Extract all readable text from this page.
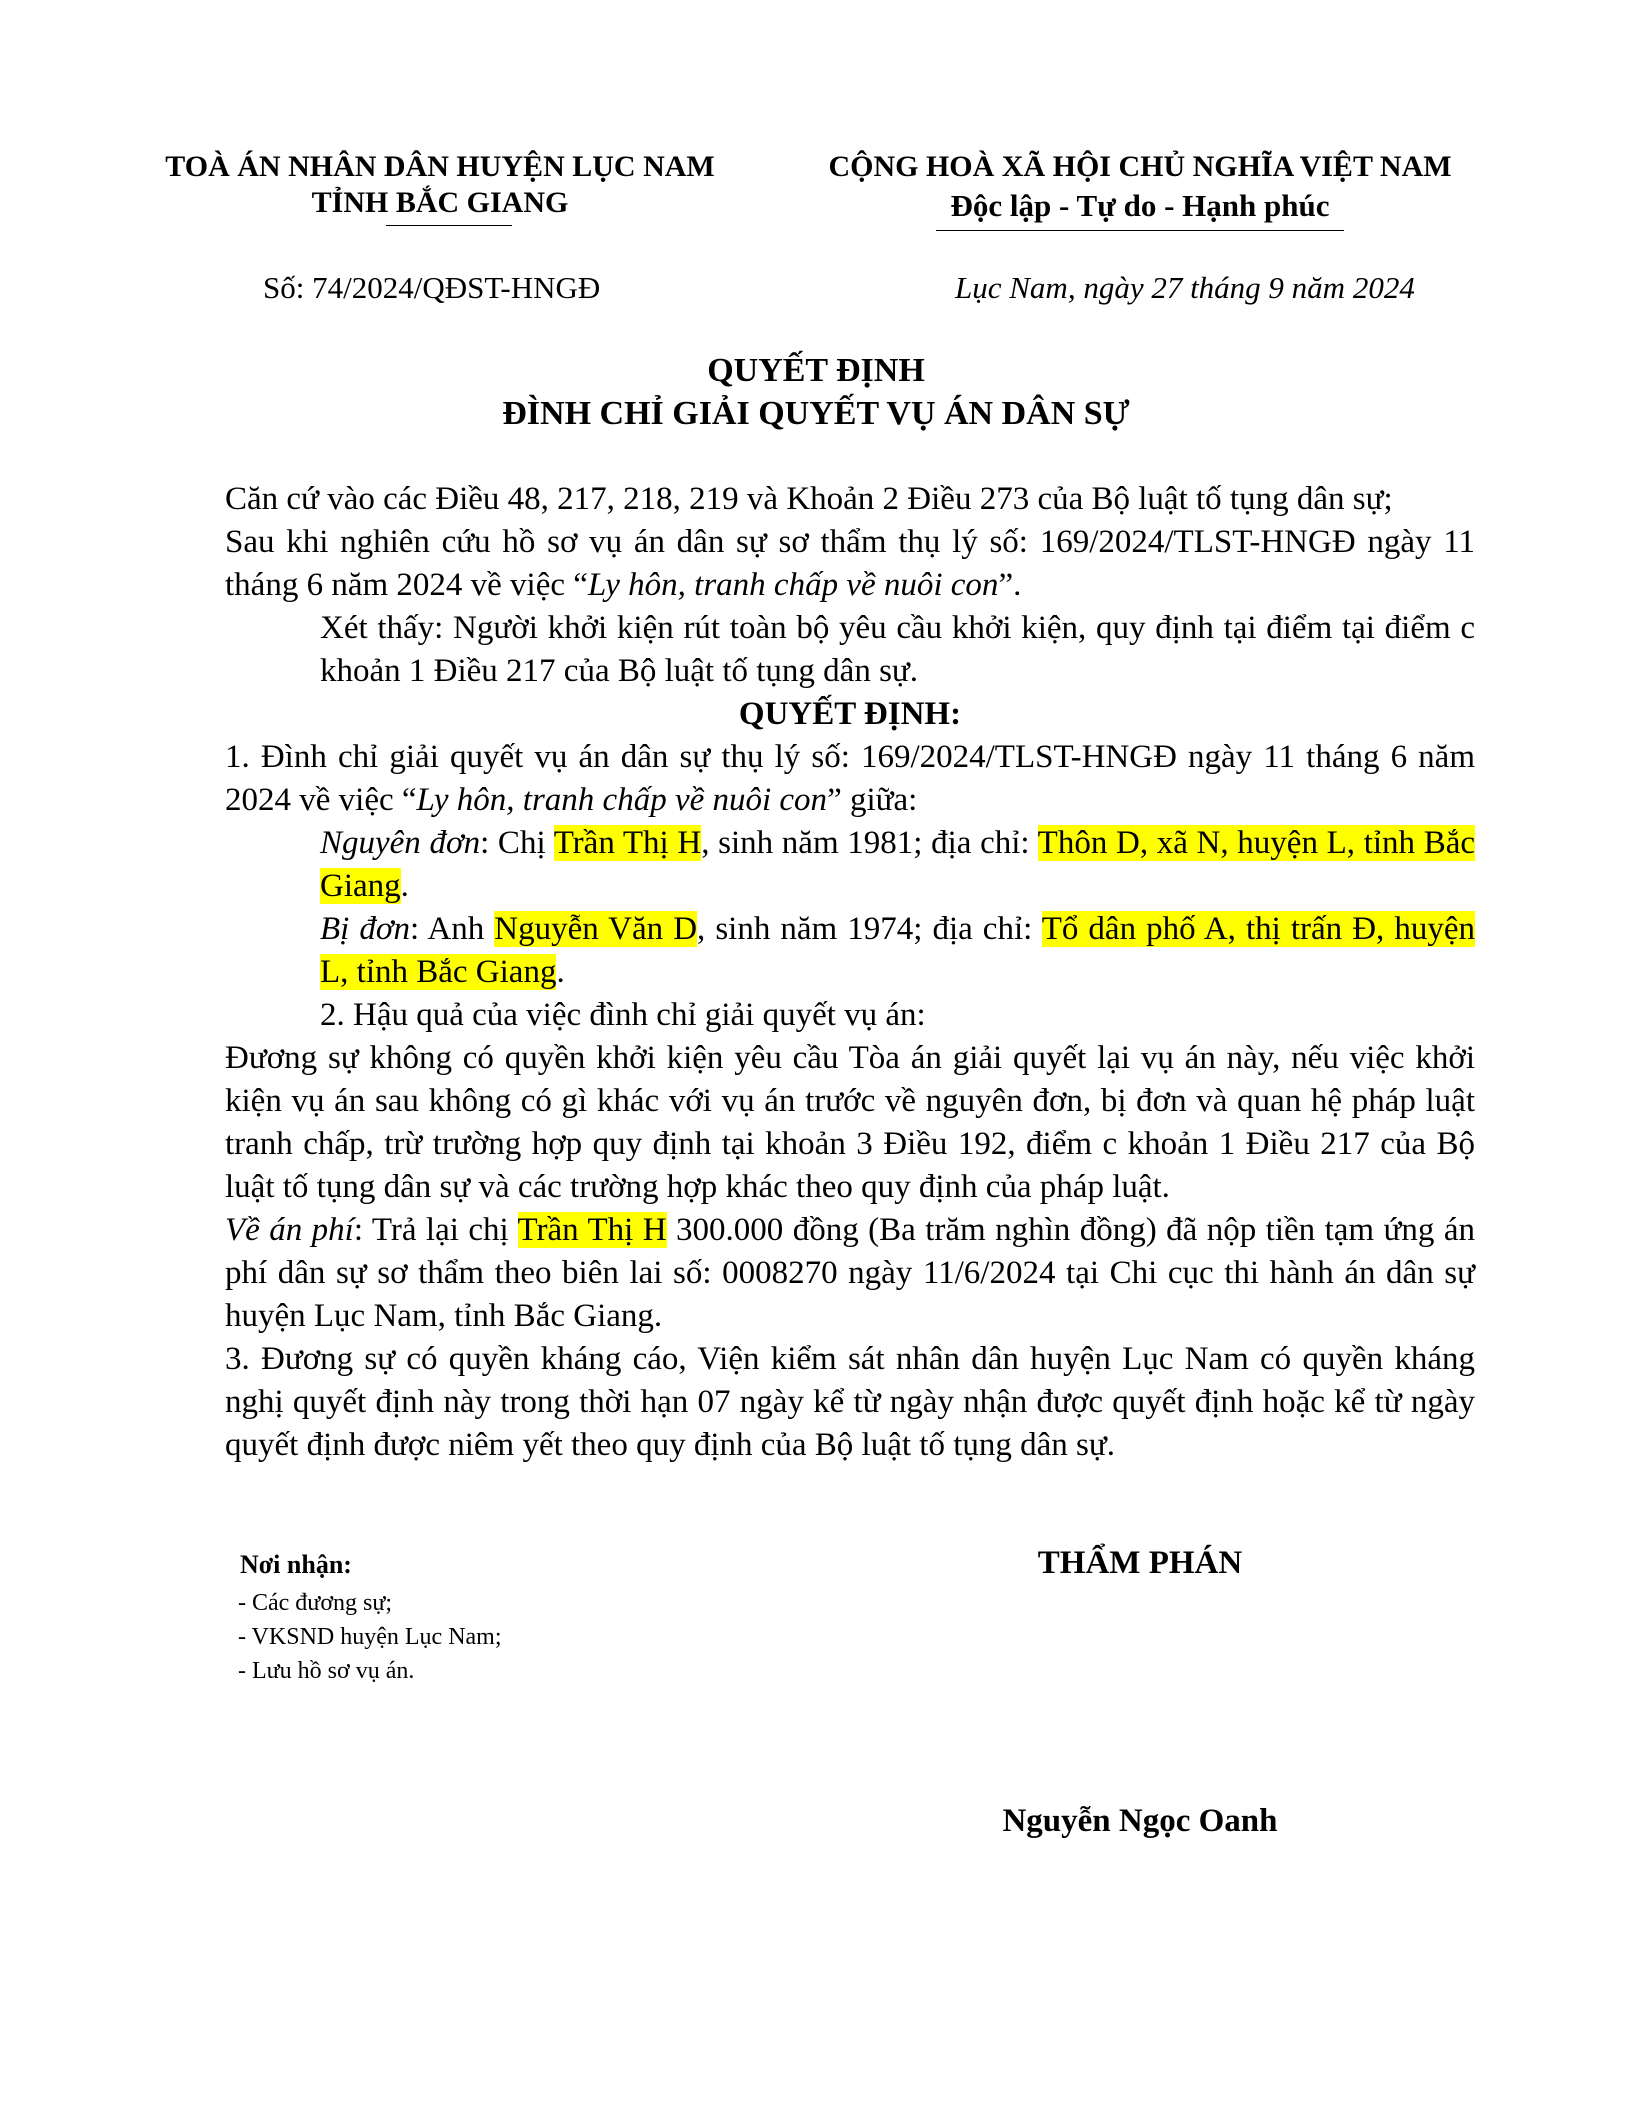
TOÀ ÁN NHÂN DÂN HUYỆN LỤC NAM
TỈNH BẮC GIANG
CỘNG HOÀ XÃ HỘI CHỦ NGHĨA VIỆT NAM
Độc lập - Tự do - Hạnh phúc
Số: 74/2024/QĐST-HNGĐ	Lục Nam, ngày 27 tháng 9 năm 2024
QUYẾT ĐỊNH
ĐÌNH CHỈ GIẢI QUYẾT VỤ ÁN DÂN SỰ

Căn cứ vào các Điều 48, 217, 218, 219 và Khoản 2 Điều 273 của Bộ luật tố tụng dân sự;

Sau khi nghiên cứu hồ sơ vụ án dân sự sơ thẩm thụ lý số: 169/2024/TLST-HNGĐ ngày 11 tháng 6 năm 2024 về việc “Ly hôn, tranh chấp về nuôi con”.

Xét thấy: Người khởi kiện rút toàn bộ yêu cầu khởi kiện, quy định tại điểm tại điểm c khoản 1 Điều 217 của Bộ luật tố tụng dân sự.

QUYẾT ĐỊNH:

1. Đình chỉ giải quyết vụ án dân sự thụ lý số: 169/2024/TLST-HNGĐ ngày 11 tháng 6 năm 2024 về việc “Ly hôn, tranh chấp về nuôi con” giữa:

Nguyên đơn: Chị Trần Thị H, sinh năm 1981; địa chỉ: Thôn D, xã N, huyện L, tỉnh Bắc Giang.

Bị đơn: Anh Nguyễn Văn D, sinh năm 1974; địa chỉ: Tổ dân phố A, thị trấn Đ, huyện L, tỉnh Bắc Giang.

2. Hậu quả của việc đình chỉ giải quyết vụ án:

Đương sự không có quyền khởi kiện yêu cầu Tòa án giải quyết lại vụ án này, nếu việc khởi kiện vụ án sau không có gì khác với vụ án trước về nguyên đơn, bị đơn và quan hệ pháp luật tranh chấp, trừ trường hợp quy định tại khoản 3 Điều 192, điểm c khoản 1 Điều 217 của Bộ luật tố tụng dân sự và các trường hợp khác theo quy định của pháp luật.

Về án phí: Trả lại chị Trần Thị H 300.000 đồng (Ba trăm nghìn đồng) đã nộp tiền tạm ứng án phí dân sự sơ thẩm theo biên lai số: 0008270 ngày 11/6/2024 tại Chi cục thi hành án dân sự huyện Lục Nam, tỉnh Bắc Giang.

3. Đương sự có quyền kháng cáo, Viện kiểm sát nhân dân huyện Lục Nam có quyền kháng nghị quyết định này trong thời hạn 07 ngày kể từ ngày nhận được quyết định hoặc kể từ ngày quyết định được niêm yết theo quy định của Bộ luật tố tụng dân sự.

Nơi nhận:
- Các đương sự;
- VKSND huyện Lục Nam;
- Lưu hồ sơ vụ án.
THẨM PHÁN
Nguyễn Ngọc Oanh
